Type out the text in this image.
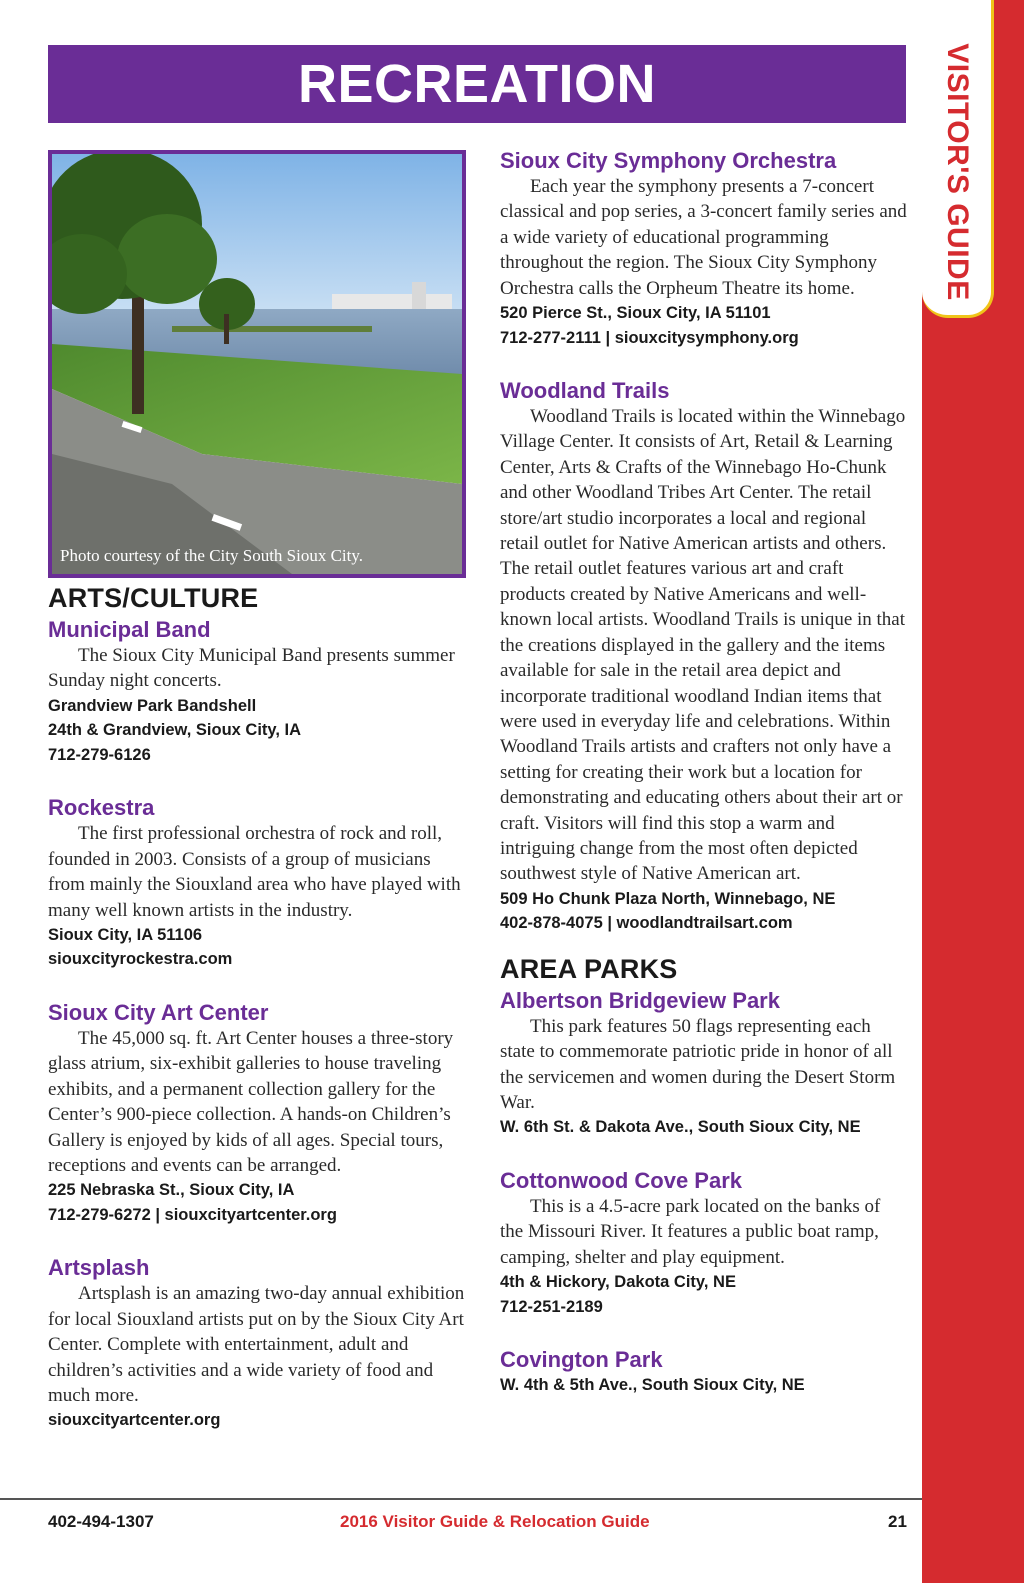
VISITOR'S GUIDE
RECREATION
Photo courtesy of the City South Sioux City.
ARTS/CULTURE
Municipal Band

The Sioux City Municipal Band presents summer Sunday night concerts.

Grandview Park Bandshell
24th & Grandview, Sioux City, IA
712-279-6126
Rockestra

The first professional orchestra of rock and roll, founded in 2003. Consists of a group of musicians from mainly the Siouxland area who have played with many well known artists in the industry.

Sioux City, IA 51106
siouxcityrockestra.com
Sioux City Art Center

The 45,000 sq. ft. Art Center houses a three-story glass atrium, six-exhibit galleries to house traveling exhibits, and a permanent collection gallery for the Center’s 900-piece collection. A hands-on Children’s Gallery is enjoyed by kids of all ages. Special tours, receptions and events can be arranged.

225 Nebraska St., Sioux City, IA
712-279-6272 | siouxcityartcenter.org
Artsplash

Artsplash is an amazing two-day annual exhibition for local Siouxland artists put on by the Sioux City Art Center. Complete with entertainment, adult and children’s activities and a wide variety of food and much more.

siouxcityartcenter.org
Sioux City Symphony Orchestra

Each year the symphony presents a 7-concert classical and pop series, a 3-concert family series and a wide variety of educational programming throughout the region. The Sioux City Symphony Orchestra calls the Orpheum Theatre its home.

520 Pierce St., Sioux City, IA 51101
712-277-2111 | siouxcitysymphony.org
Woodland Trails

Woodland Trails is located within the Winnebago Village Center. It consists of Art, Retail & Learning Center, Arts & Crafts of the Winnebago Ho-Chunk and other Woodland Tribes Art Center. The retail store/art studio incorporates a local and regional retail outlet for Native American artists and others. The retail outlet features various art and craft products created by Native Americans and well-known local artists. Woodland Trails is unique in that the creations displayed in the gallery and the items available for sale in the retail area depict and incorporate traditional woodland Indian items that were used in everyday life and celebrations. Within Woodland Trails artists and crafters not only have a setting for creating their work but a location for demonstrating and educating others about their art or craft. Visitors will find this stop a warm and intriguing change from the most often depicted southwest style of Native American art.

509 Ho Chunk Plaza North, Winnebago, NE
402-878-4075 | woodlandtrailsart.com
AREA PARKS
Albertson Bridgeview Park

This park features 50 flags representing each state to commemorate patriotic pride in honor of all the servicemen and women during the Desert Storm War.

W. 6th St. & Dakota Ave., South Sioux City, NE
Cottonwood Cove Park

This is a 4.5-acre park located on the banks of the Missouri River. It features a public boat ramp, camping, shelter and play equipment.

4th & Hickory, Dakota City, NE
712-251-2189
Covington Park
W. 4th & 5th Ave., South Sioux City, NE
402-494-1307	2016 Visitor Guide & Relocation Guide	21
